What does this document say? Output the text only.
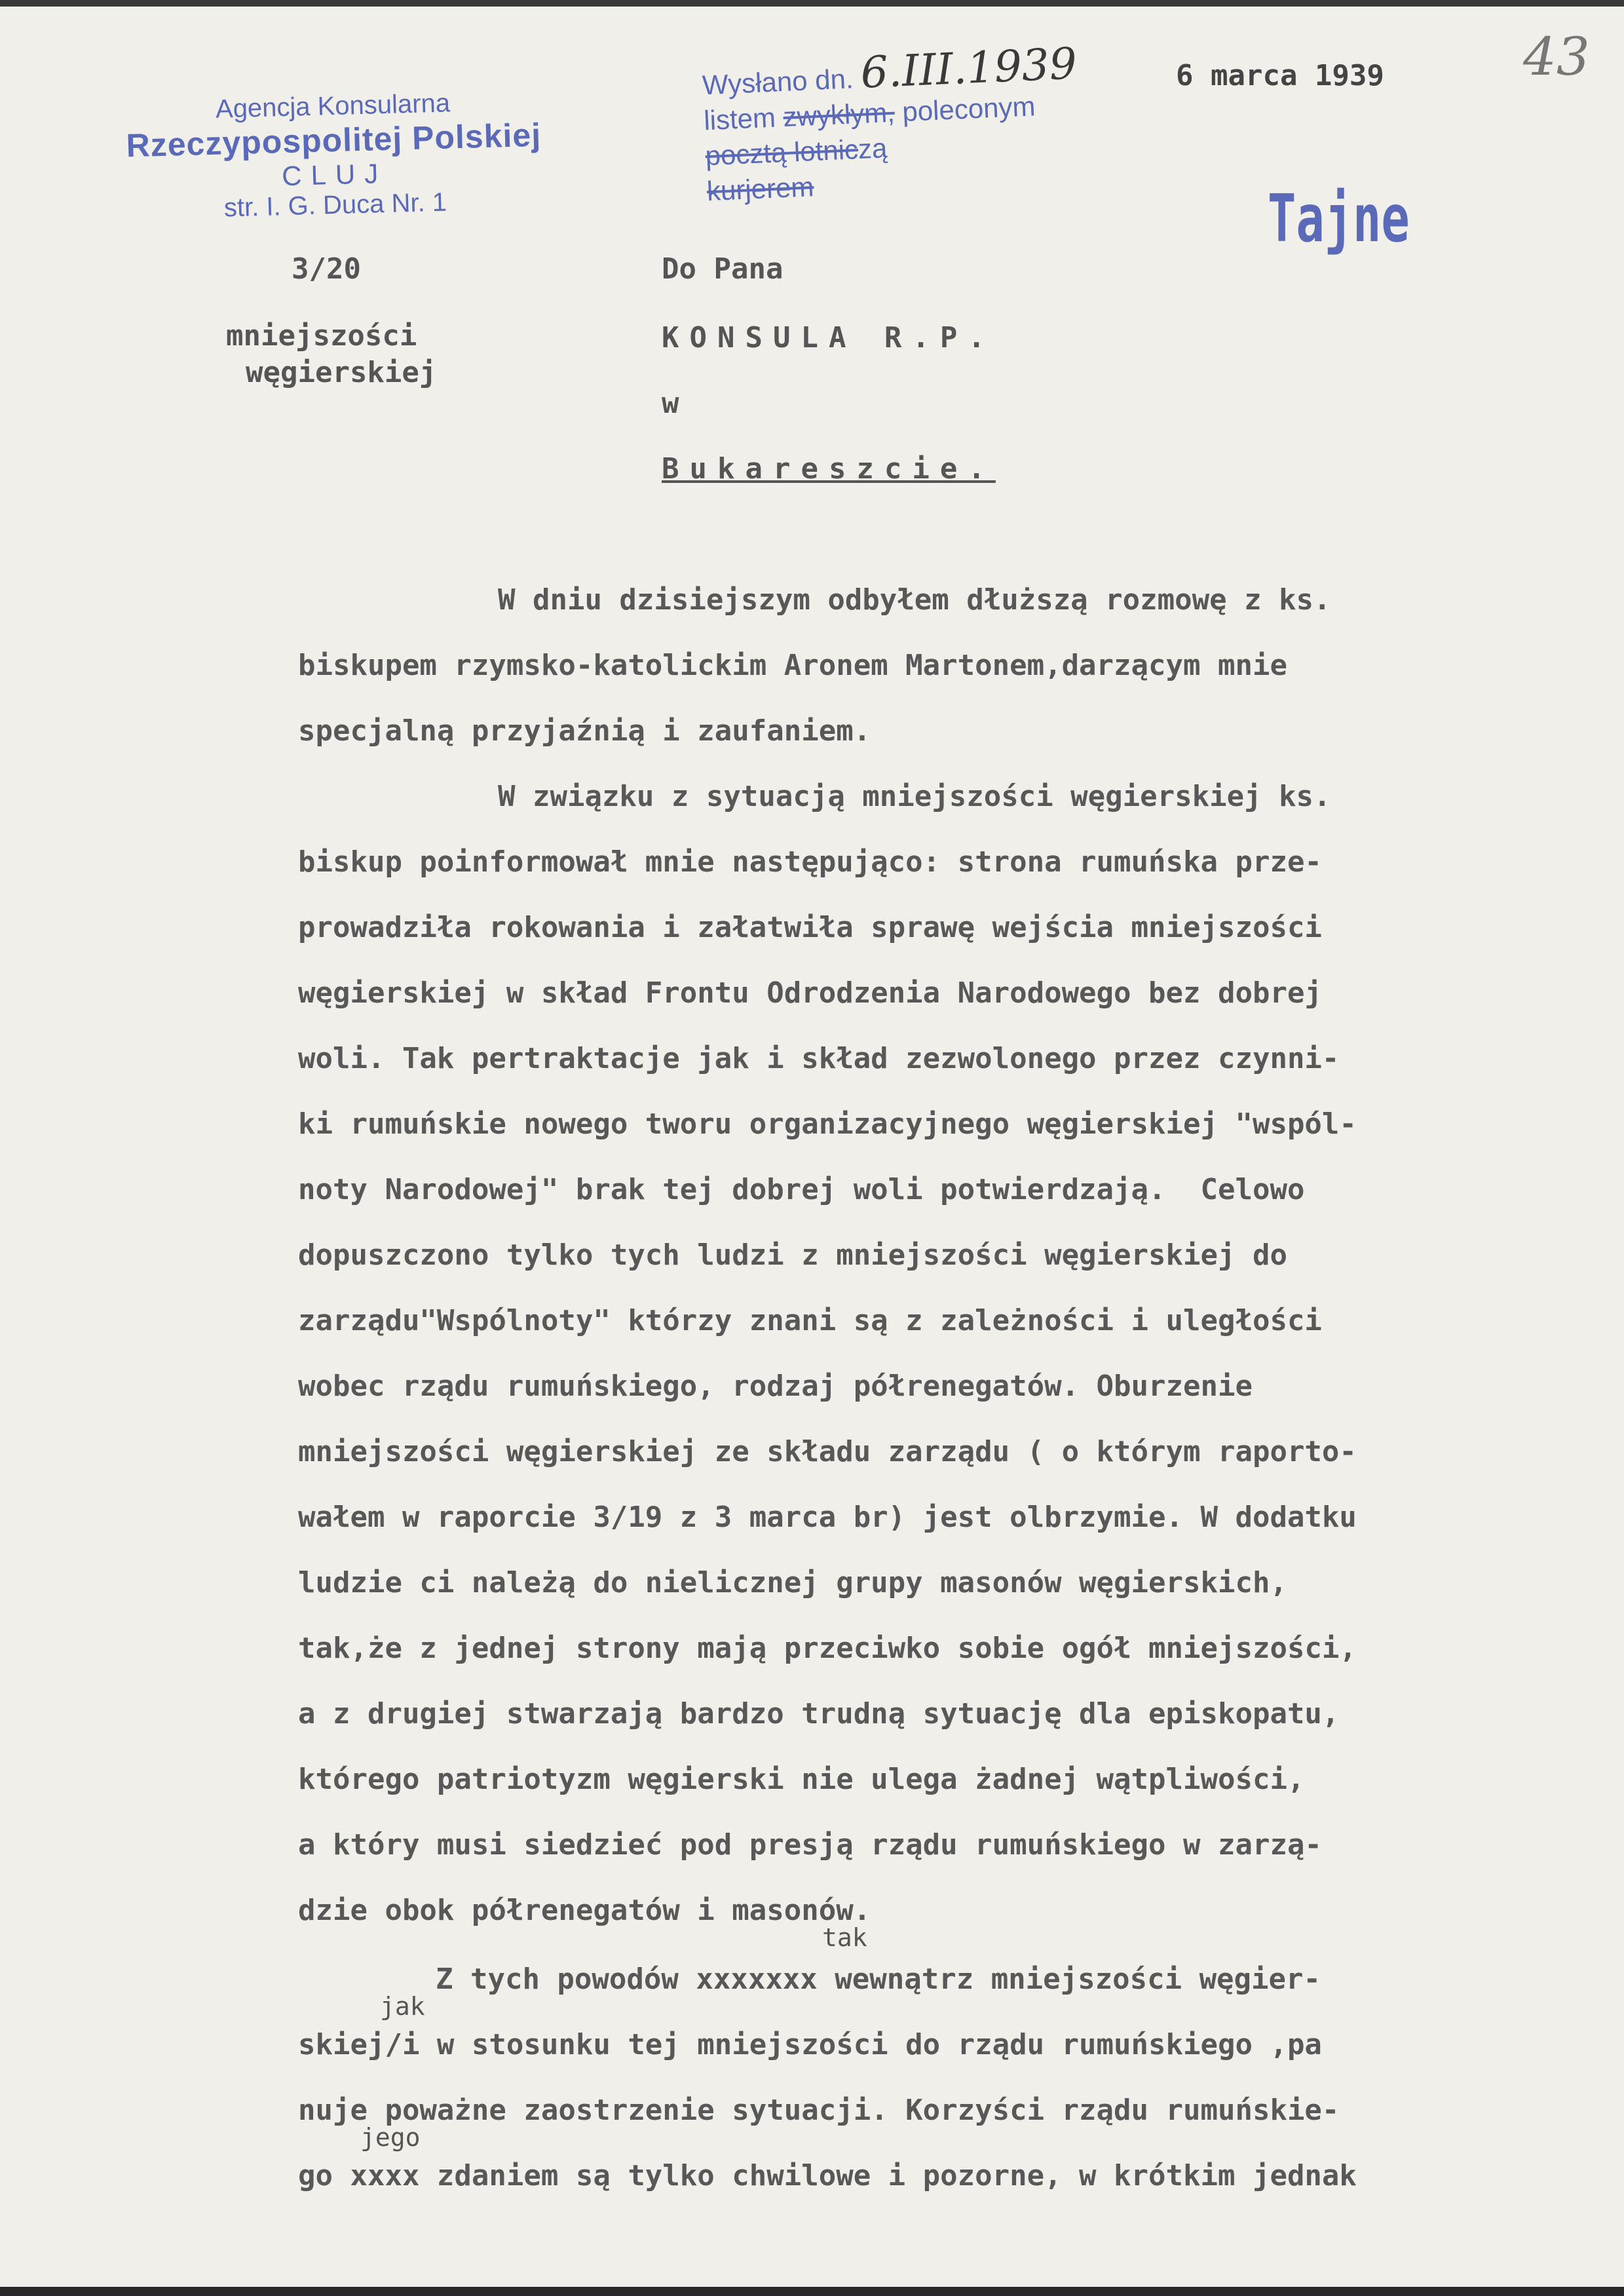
Agencja Konsularna
Rzeczypospolitej Polskiej
CLUJ
str. I. G. Duca Nr. 1
Wysłano dn. 6.III.1939
listem zwykłym, poleconym
pocztą lotniczą
kurjerem
6 marca 1939	43
Tajne
3/20
mniejszości
węgierskiej
Do Pana
KONSULA R.P.
w
Bukareszcie.
W dniu dzisiejszym odbyłem dłuższą rozmowę z ks.
biskupem rzymsko-katolickim Aronem Martonem,darzącym mnie
specjalną przyjaźnią i zaufaniem.
W związku z sytuacją mniejszości węgierskiej ks.
biskup poinformował mnie następująco: strona rumuńska prze-
prowadziła rokowania i załatwiła sprawę wejścia mniejszości
węgierskiej w skład Frontu Odrodzenia Narodowego bez dobrej
woli. Tak pertraktacje jak i skład zezwolonego przez czynni-
ki rumuńskie nowego tworu organizacyjnego węgierskiej "wspól-
noty Narodowej" brak tej dobrej woli potwierdzają.  Celowo
dopuszczono tylko tych ludzi z mniejszości węgierskiej do
zarządu"Wspólnoty" którzy znani są z zależności i uległości
wobec rządu rumuńskiego, rodzaj półrenegatów. Oburzenie
mniejszości węgierskiej ze składu zarządu ( o którym raporto-
wałem w raporcie 3/19 z 3 marca br) jest olbrzymie. W dodatku
ludzie ci należą do nielicznej grupy masonów węgierskich,
tak,że z jednej strony mają przeciwko sobie ogół mniejszości,
a z drugiej stwarzają bardzo trudną sytuację dla episkopatu,
którego patriotyzm węgierski nie ulega żadnej wątpliwości,
a który musi siedzieć pod presją rządu rumuńskiego w zarzą-
dzie obok półrenegatów i masonów.
tak
Z tych powodów xxxxxxx wewnątrz mniejszości węgier-
jak
skiej/i w stosunku tej mniejszości do rządu rumuńskiego ,pa
nuje poważne zaostrzenie sytuacji. Korzyści rządu rumuńskie-
jego
go xxxx zdaniem są tylko chwilowe i pozorne, w krótkim jednak
